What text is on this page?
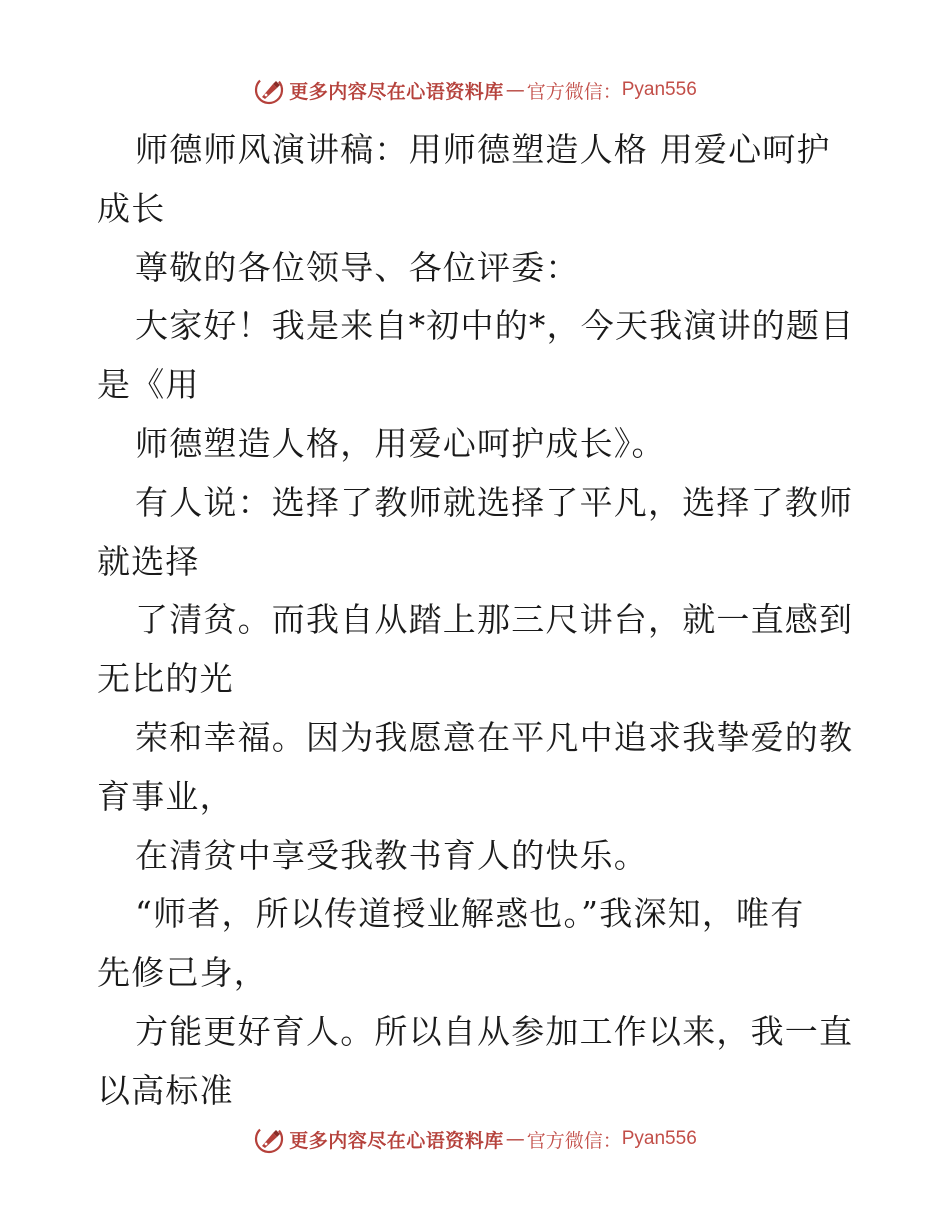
更多内容尽在心语资料库 — 官方微信： Pyan556

师德师风演讲稿：用师德塑造人格 用爱心呵护

成长

尊敬的各位领导、各位评委：

大家好！我是来自*初中的*，今天我演讲的题目

是《用

师德塑造人格，用爱心呵护成长》。

有人说：选择了教师就选择了平凡，选择了教师

就选择

了清贫。而我自从踏上那三尺讲台，就一直感到

无比的光

荣和幸福。因为我愿意在平凡中追求我挚爱的教

育事业，

在清贫中享受我教书育人的快乐。

“师者，所以传道授业解惑也。”我深知，唯有

先修己身，

方能更好育人。所以自从参加工作以来，我一直

以高标准

更多内容尽在心语资料库 — 官方微信： Pyan556
